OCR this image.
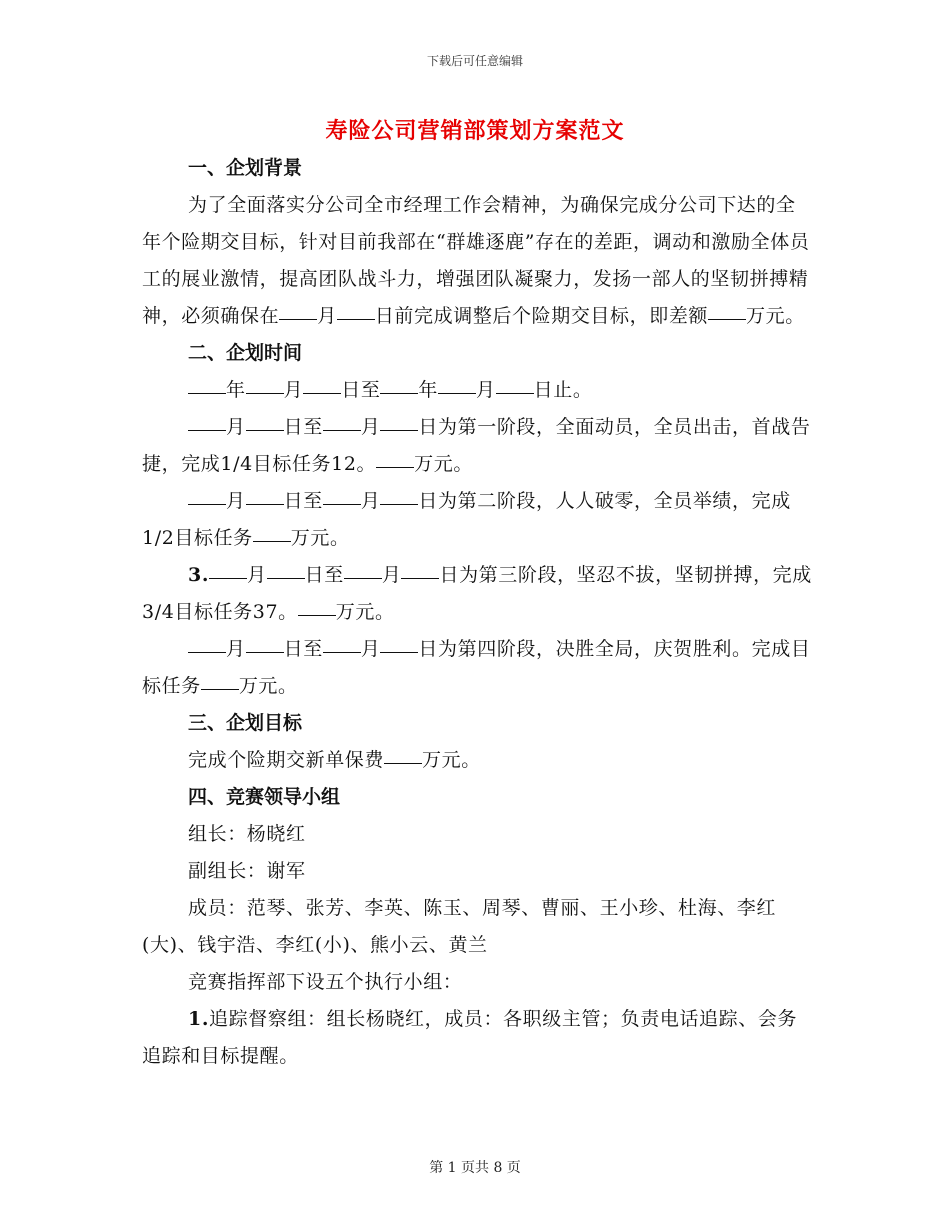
下载后可任意编辑
寿险公司营销部策划方案范文

一、企划背景

为了全面落实分公司全市经理工作会精神，为确保完成分公司下达的全年个险期交目标，针对目前我部在“群雄逐鹿”存在的差距，调动和激励全体员工的展业激情，提高团队战斗力，增强团队凝聚力，发扬一部人的坚韧拼搏精神，必须确保在 月 日前完成调整后个险期交目标，即差额 万元。

二、企划时间

年 月 日至 年 月 日止。

月 日至 月 日为第一阶段，全面动员，全员出击，首战告捷，完成1/4目标任务12。 万元。

月 日至 月 日为第二阶段，人人破零，全员举绩，完成1/2目标任务 万元。

3. 月 日至 月 日为第三阶段，坚忍不拔，坚韧拼搏，完成3/4目标任务37。 万元。

月 日至 月 日为第四阶段，决胜全局，庆贺胜利。完成目标任务 万元。

三、企划目标

完成个险期交新单保费 万元。

四、竞赛领导小组

组长：杨晓红

副组长：谢军

成员：范琴、张芳、李英、陈玉、周琴、曹丽、王小珍、杜海、李红(大)、钱宇浩、李红(小)、熊小云、黄兰

竞赛指挥部下设五个执行小组：

1.追踪督察组：组长杨晓红，成员：各职级主管；负责电话追踪、会务追踪和目标提醒。

第 1 页共 8 页
